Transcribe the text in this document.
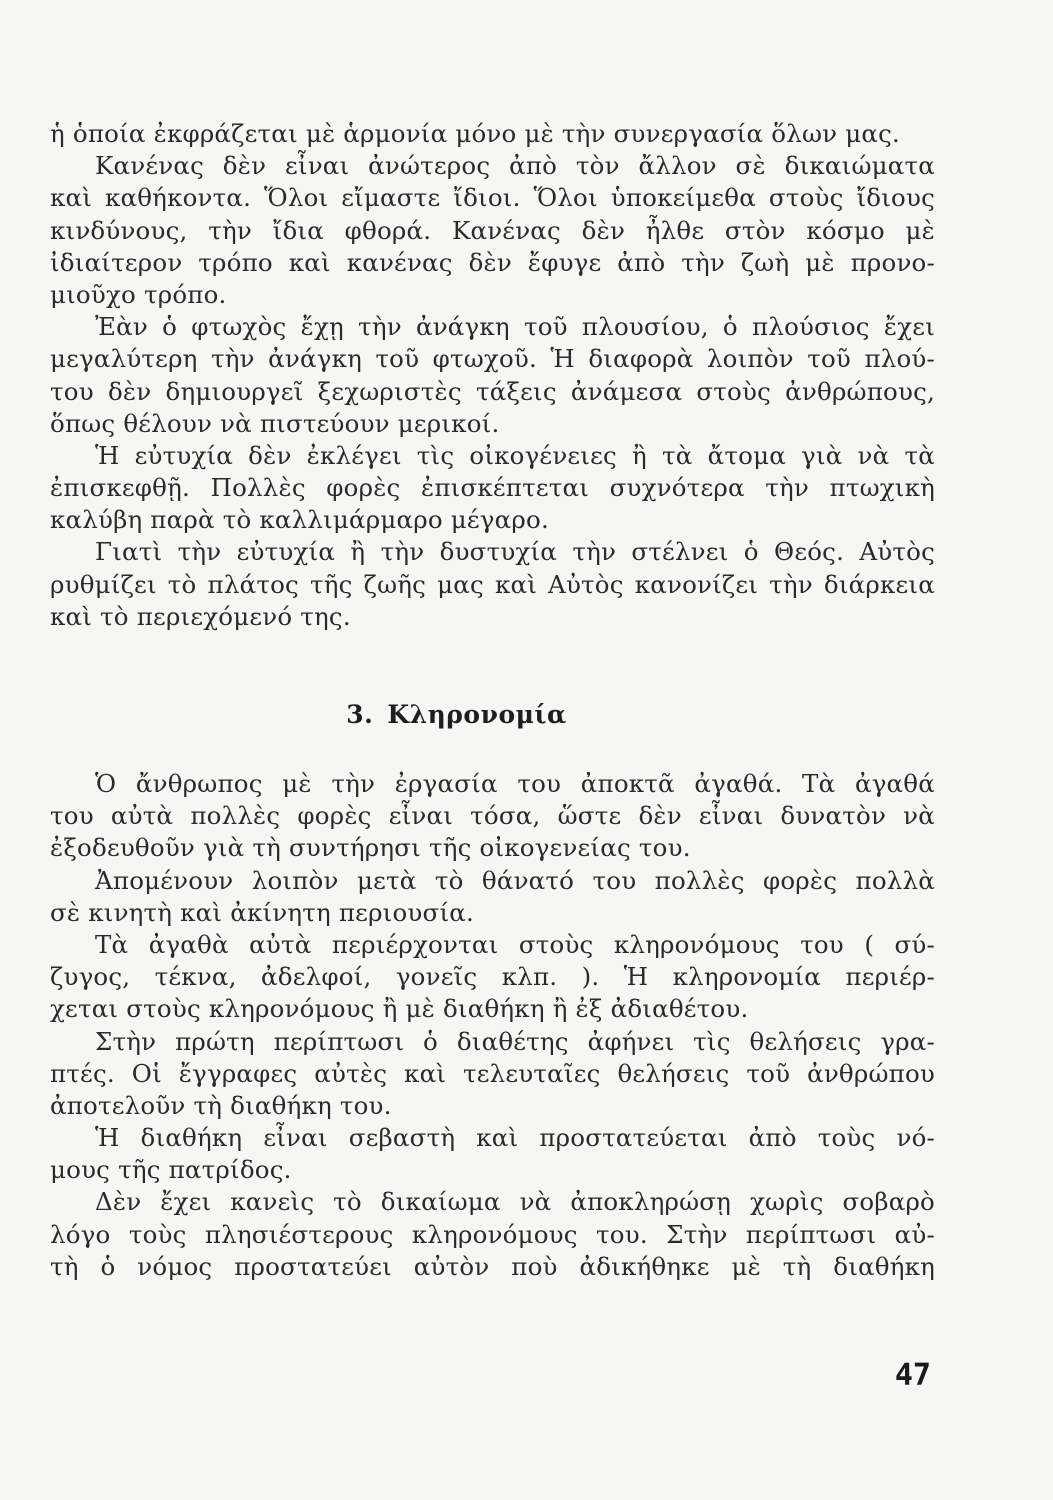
ἡ ὁποία ἐκφράζεται μὲ ἁρμονία μόνο μὲ τὴν συνεργασία ὅλων μας.
Κανένας δὲν εἶναι ἀνώτερος ἀπὸ τὸν ἄλλον σὲ δικαιώματα
καὶ καθήκοντα. Ὅλοι εἴμαστε ἴδιοι. Ὅλοι ὑποκείμεθα στοὺς ἴδιους
κινδύνους, τὴν ἴδια φθορά. Κανένας δὲν ἦλθε στὸν κόσμο μὲ
ἰδιαίτερον τρόπο καὶ κανένας δὲν ἔφυγε ἀπὸ τὴν ζωὴ μὲ προνο-
μιοῦχο τρόπο.
Ἐὰν ὁ φτωχὸς ἔχῃ τὴν ἀνάγκη τοῦ πλουσίου, ὁ πλούσιος ἔχει
μεγαλύτερη τὴν ἀνάγκη τοῦ φτωχοῦ. Ἡ διαφορὰ λοιπὸν τοῦ πλού-
του δὲν δημιουργεῖ ξεχωριστὲς τάξεις ἀνάμεσα στοὺς ἀνθρώπους,
ὅπως θέλουν νὰ πιστεύουν μερικοί.
Ἡ εὐτυχία δὲν ἐκλέγει τὶς οἰκογένειες ἢ τὰ ἄτομα γιὰ νὰ τὰ
ἐπισκεφθῇ. Πολλὲς φορὲς ἐπισκέπτεται συχνότερα τὴν πτωχικὴ
καλύβη παρὰ τὸ καλλιμάρμαρο μέγαρο.
Γιατὶ τὴν εὐτυχία ἢ τὴν δυστυχία τὴν στέλνει ὁ Θεός. Αὐτὸς
ρυθμίζει τὸ πλάτος τῆς ζωῆς μας καὶ Αὐτὸς κανονίζει τὴν διάρκεια
καὶ τὸ περιεχόμενό της.
3. Κληρονομία
Ὁ ἄνθρωπος μὲ τὴν ἐργασία του ἀποκτᾶ ἀγαθά. Τὰ ἀγαθά
του αὐτὰ πολλὲς φορὲς εἶναι τόσα, ὥστε δὲν εἶναι δυνατὸν νὰ
ἐξοδευθοῦν γιὰ τὴ συντήρησι τῆς οἰκογενείας του.
Ἀπομένουν λοιπὸν μετὰ τὸ θάνατό του πολλὲς φορὲς πολλὰ
σὲ κινητὴ καὶ ἀκίνητη περιουσία.
Τὰ ἀγαθὰ αὐτὰ περιέρχονται στοὺς κληρονόμους του ( σύ-
ζυγος, τέκνα, ἀδελφοί, γονεῖς κλπ. ). Ἡ κληρονομία περιέρ-
χεται στοὺς κληρονόμους ἢ μὲ διαθήκη ἢ ἐξ ἀδιαθέτου.
Στὴν πρώτη περίπτωσι ὁ διαθέτης ἀφήνει τὶς θελήσεις γρα-
πτές. Οἱ ἔγγραφες αὐτὲς καὶ τελευταῖες θελήσεις τοῦ ἀνθρώπου
ἀποτελοῦν τὴ διαθήκη του.
Ἡ διαθήκη εἶναι σεβαστὴ καὶ προστατεύεται ἀπὸ τοὺς νό-
μους τῆς πατρίδος.
Δὲν ἔχει κανεὶς τὸ δικαίωμα νὰ ἀποκληρώσῃ χωρὶς σοβαρὸ
λόγο τοὺς πλησιέστερους κληρονόμους του. Στὴν περίπτωσι αὐ-
τὴ ὁ νόμος προστατεύει αὐτὸν ποὺ ἀδικήθηκε μὲ τὴ διαθήκη
47
